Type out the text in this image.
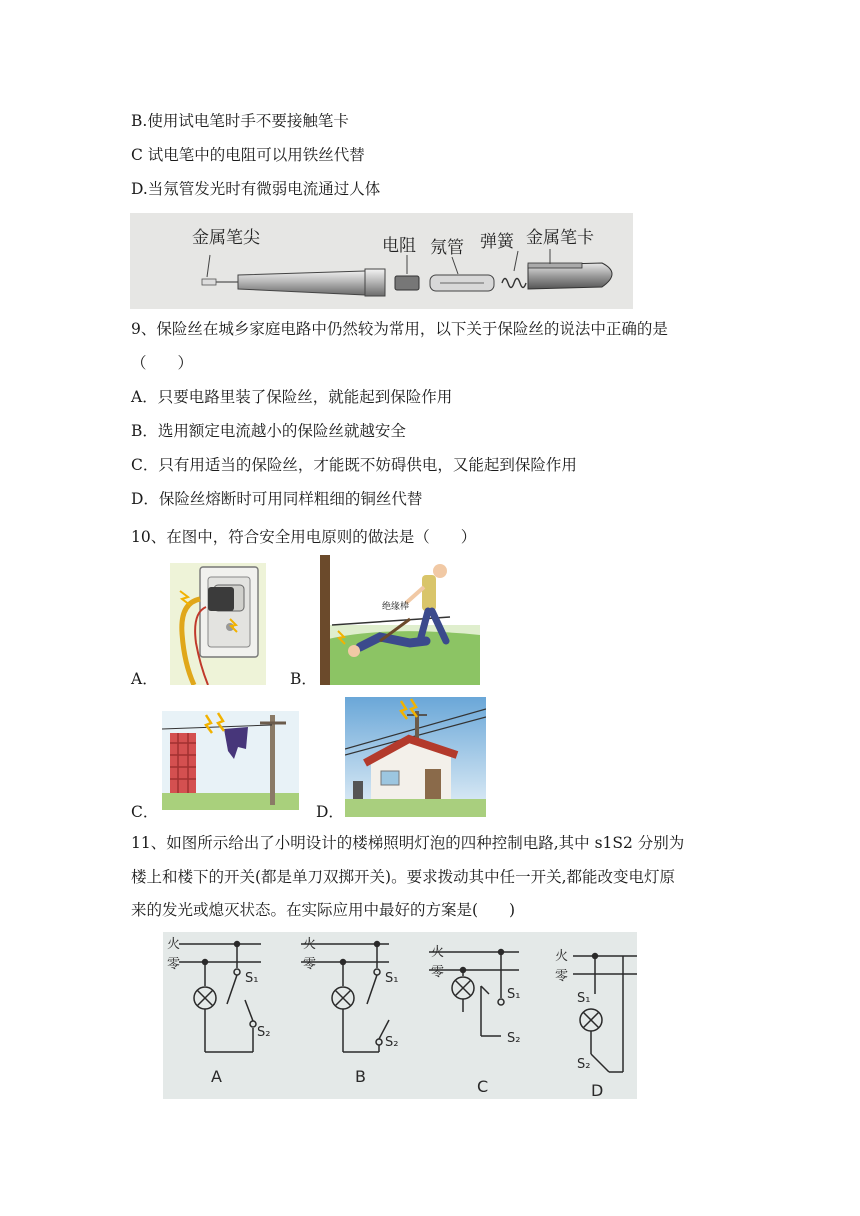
B.使用试电笔时手不要接触笔卡
C 试电笔中的电阻可以用铁丝代替
D.当氖管发光时有微弱电流通过人体
金属笔尖	电阻 氖管 弹簧 金属笔卡
9、保险丝在城乡家庭电路中仍然较为常用，以下关于保险丝的说法中正确的是
（　　）
A．只要电路里装了保险丝，就能起到保险作用
B．选用额定电流越小的保险丝就越安全
C．只有用适当的保险丝，才能既不妨碍供电，又能起到保险作用
D．保险丝熔断时可用同样粗细的铜丝代替
10、在图中，符合安全用电原则的做法是（　　）
A．	B．
绝缘棒
C．	D．
11、如图所示给出了小明设计的楼梯照明灯泡的四种控制电路,其中 s1S2 分别为
楼上和楼下的开关(都是单刀双掷开关)。要求拨动其中任一开关,都能改变电灯原
来的发光或熄灭状态。在实际应用中最好的方案是(　　)
S₁
S₂
火
零
A
S₁
S₂
火
零
B
S₁
S₂
火
零
C
S₁
S₂
火
零
D
